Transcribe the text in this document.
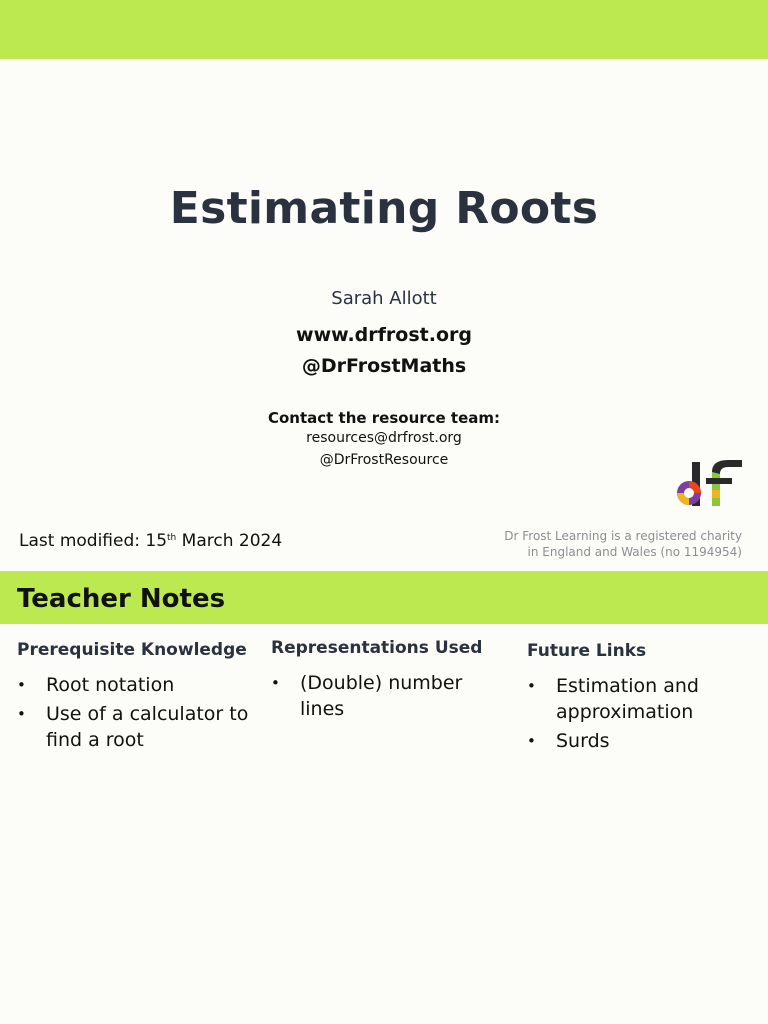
Estimating Roots
Sarah Allott
www.drfrost.org
@DrFrostMaths
Contact the resource team:
resources@drfrost.org
@DrFrostResource
Last modified: 15th March 2024	Dr Frost Learning is a registered charity
in England and Wales (no 1194954)
Teacher Notes
Prerequisite Knowledge
• Root notation
• Use of a calculator to find a root
Representations Used
• (Double) number lines
Future Links
• Estimation and approximation
• Surds
